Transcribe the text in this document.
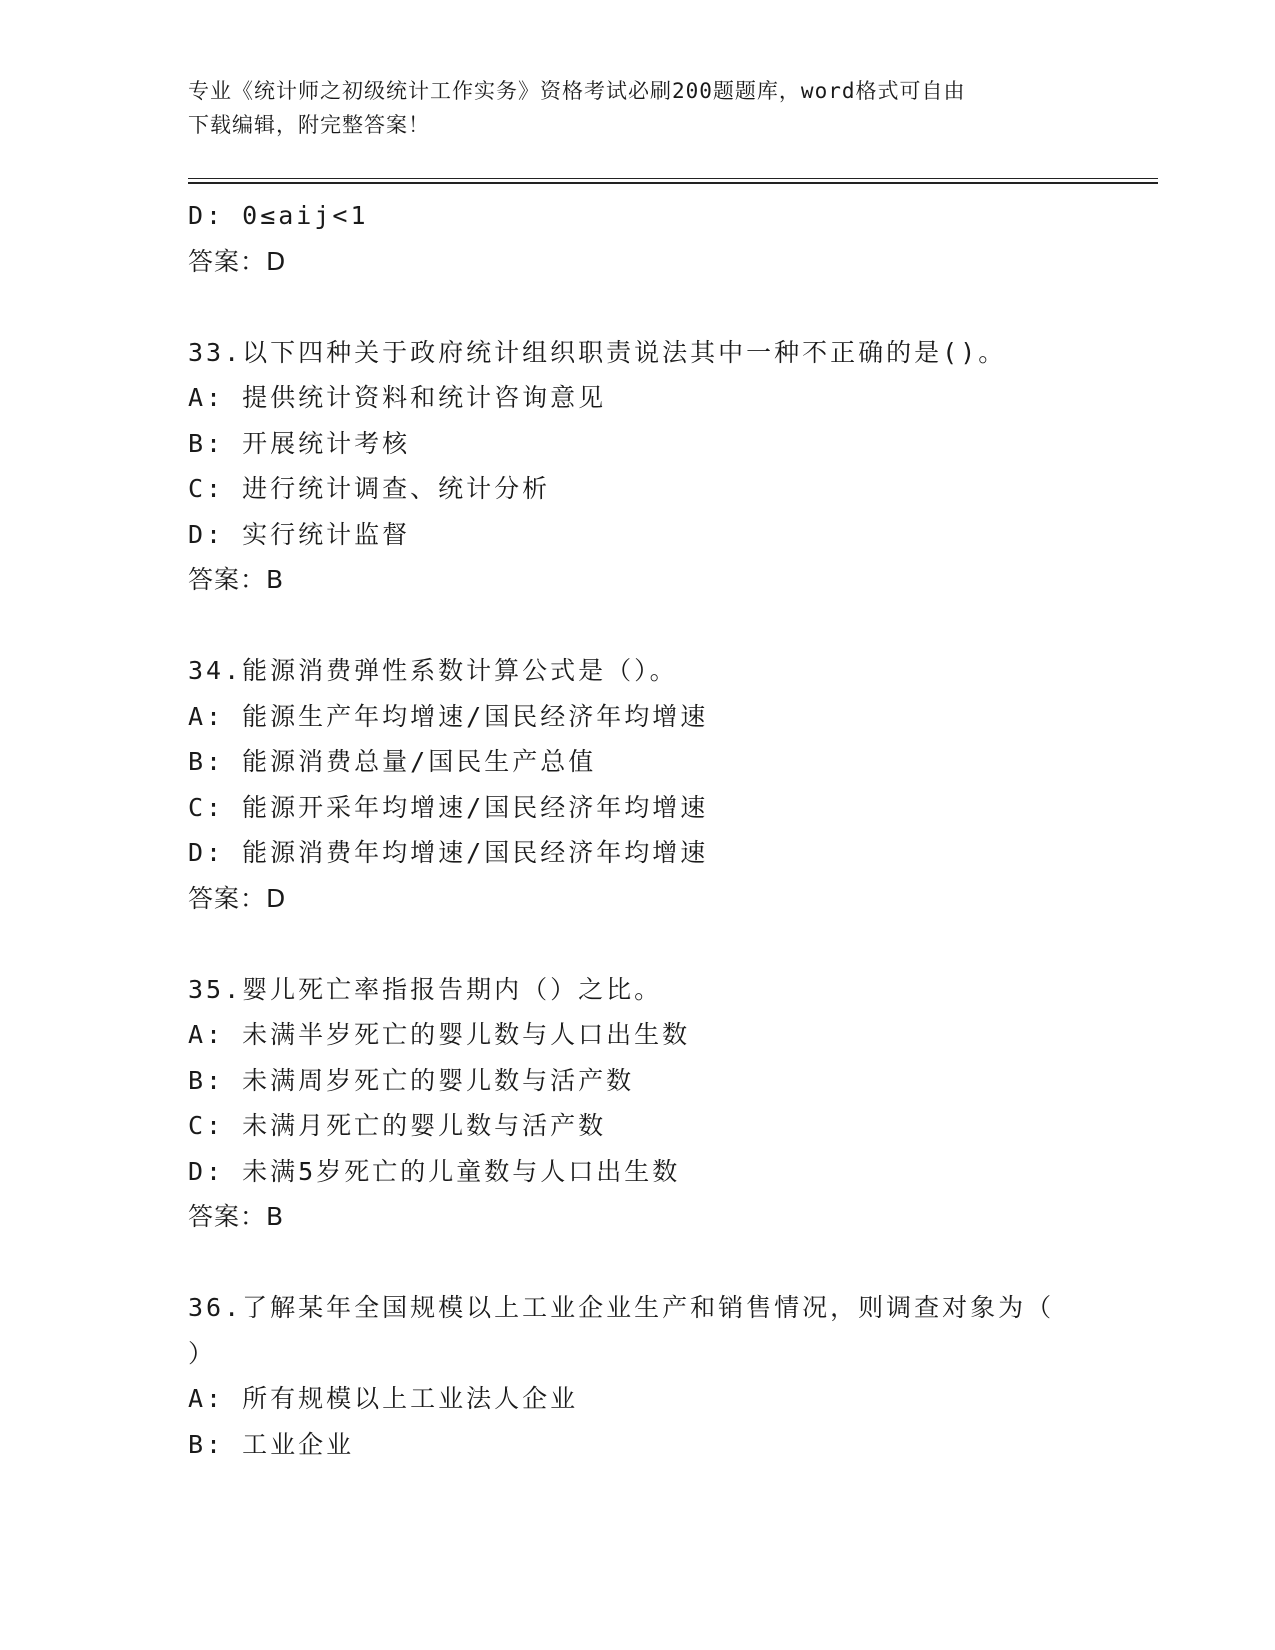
专业《统计师之初级统计工作实务》资格考试必刷200题题库，word格式可自由
下载编辑，附完整答案！
D: 0≤aij<1
答案：D
33.以下四种关于政府统计组织职责说法其中一种不正确的是()。
A: 提供统计资料和统计咨询意见
B: 开展统计考核
C: 进行统计调查、统计分析
D: 实行统计监督
答案：B
34.能源消费弹性系数计算公式是（）。
A: 能源生产年均增速/国民经济年均增速
B: 能源消费总量/国民生产总值
C: 能源开采年均增速/国民经济年均增速
D: 能源消费年均增速/国民经济年均增速
答案：D
35.婴儿死亡率指报告期内（）之比。
A: 未满半岁死亡的婴儿数与人口出生数
B: 未满周岁死亡的婴儿数与活产数
C: 未满月死亡的婴儿数与活产数
D: 未满5岁死亡的儿童数与人口出生数
答案：B
36.了解某年全国规模以上工业企业生产和销售情况，则调查对象为（
）
A: 所有规模以上工业法人企业
B: 工业企业
